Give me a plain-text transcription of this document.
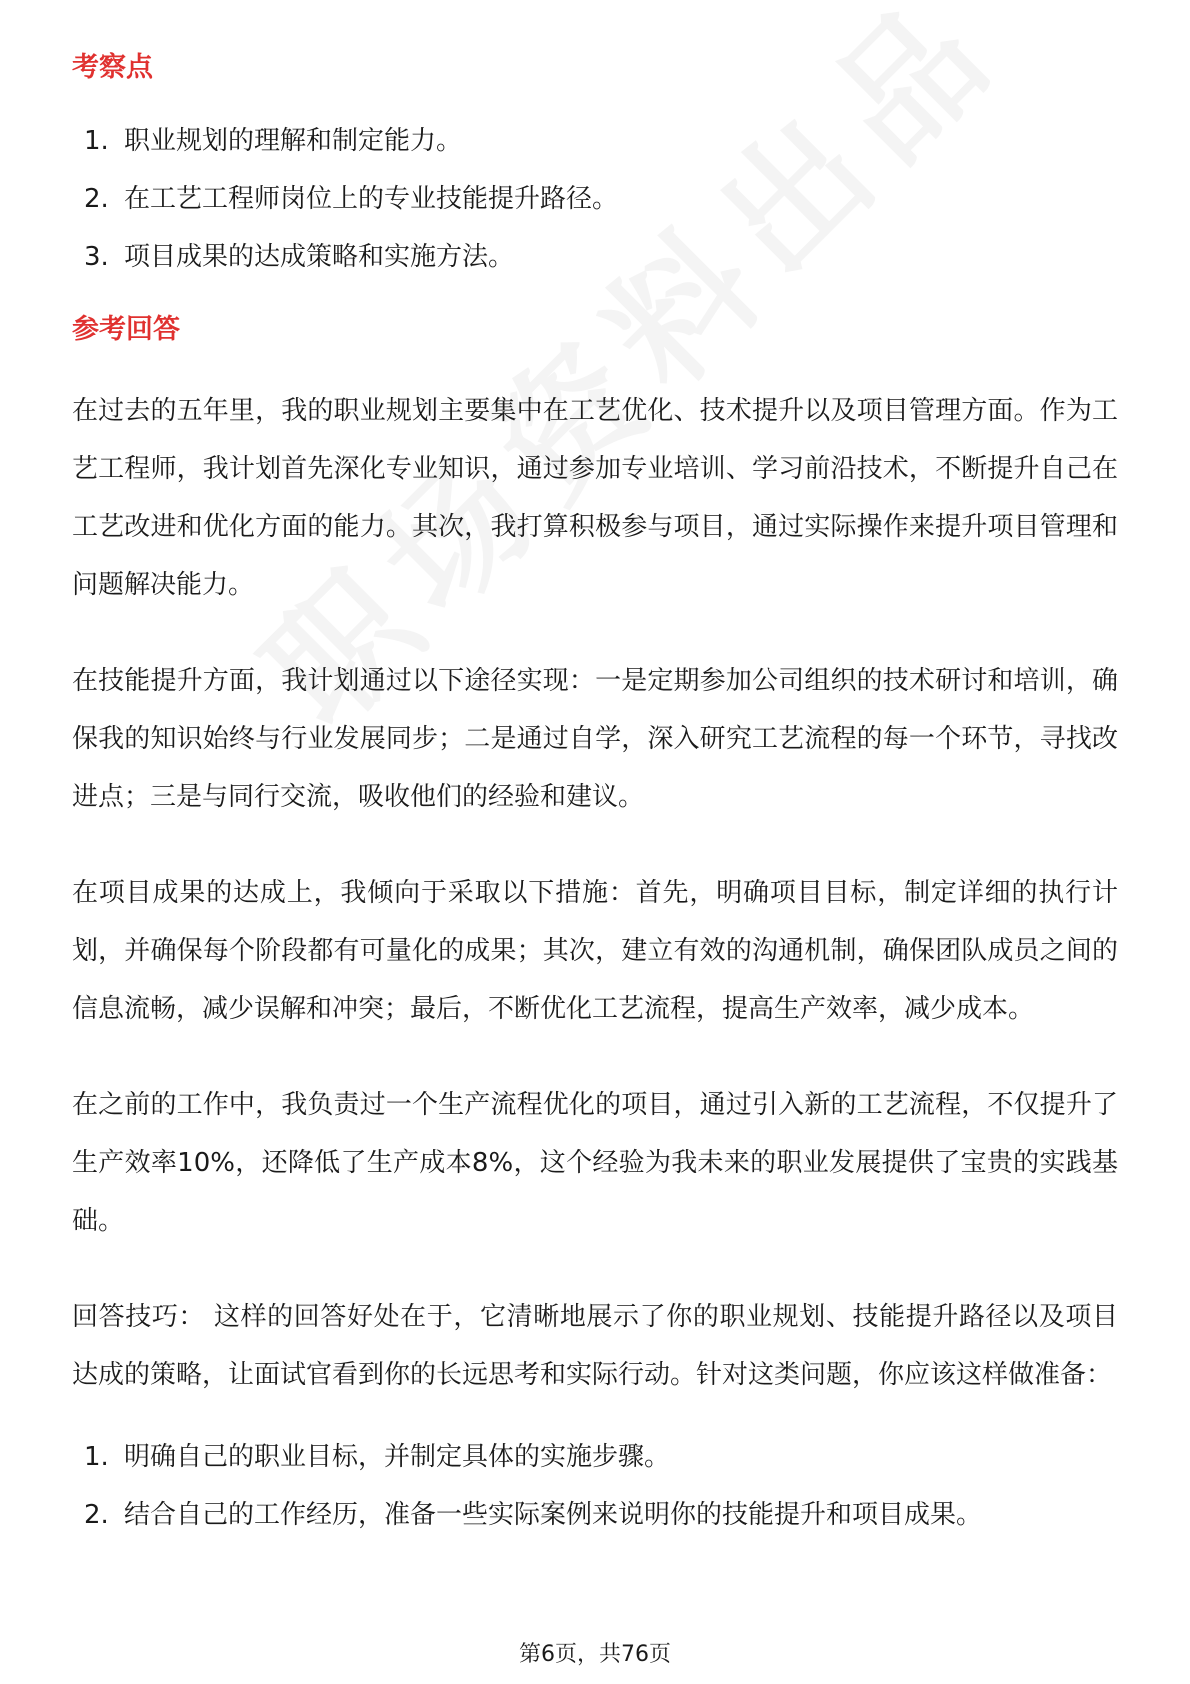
考察点
1. 职业规划的理解和制定能力。
2. 在工艺工程师岗位上的专业技能提升路径。
3. 项目成果的达成策略和实施方法。
参考回答

在过去的五年里，我的职业规划主要集中在工艺优化、技术提升以及项目管理方面。作为工艺工程师，我计划首先深化专业知识，通过参加专业培训、学习前沿技术，不断提升自己在工艺改进和优化方面的能力。其次，我打算积极参与项目，通过实际操作来提升项目管理和问题解决能力。

在技能提升方面，我计划通过以下途径实现：一是定期参加公司组织的技术研讨和培训，确保我的知识始终与行业发展同步；二是通过自学，深入研究工艺流程的每一个环节，寻找改进点；三是与同行交流，吸收他们的经验和建议。

在项目成果的达成上，我倾向于采取以下措施：首先，明确项目目标，制定详细的执行计划，并确保每个阶段都有可量化的成果；其次，建立有效的沟通机制，确保团队成员之间的信息流畅，减少误解和冲突；最后，不断优化工艺流程，提高生产效率，减少成本。

在之前的工作中，我负责过一个生产流程优化的项目，通过引入新的工艺流程，不仅提升了生产效率10%，还降低了生产成本8%，这个经验为我未来的职业发展提供了宝贵的实践基础。

回答技巧： 这样的回答好处在于，它清晰地展示了你的职业规划、技能提升路径以及项目达成的策略，让面试官看到你的长远思考和实际行动。针对这类问题，你应该这样做准备：

1. 明确自己的职业目标，并制定具体的实施步骤。
2. 结合自己的工作经历，准备一些实际案例来说明你的技能提升和项目成果。
第6页，共76页
